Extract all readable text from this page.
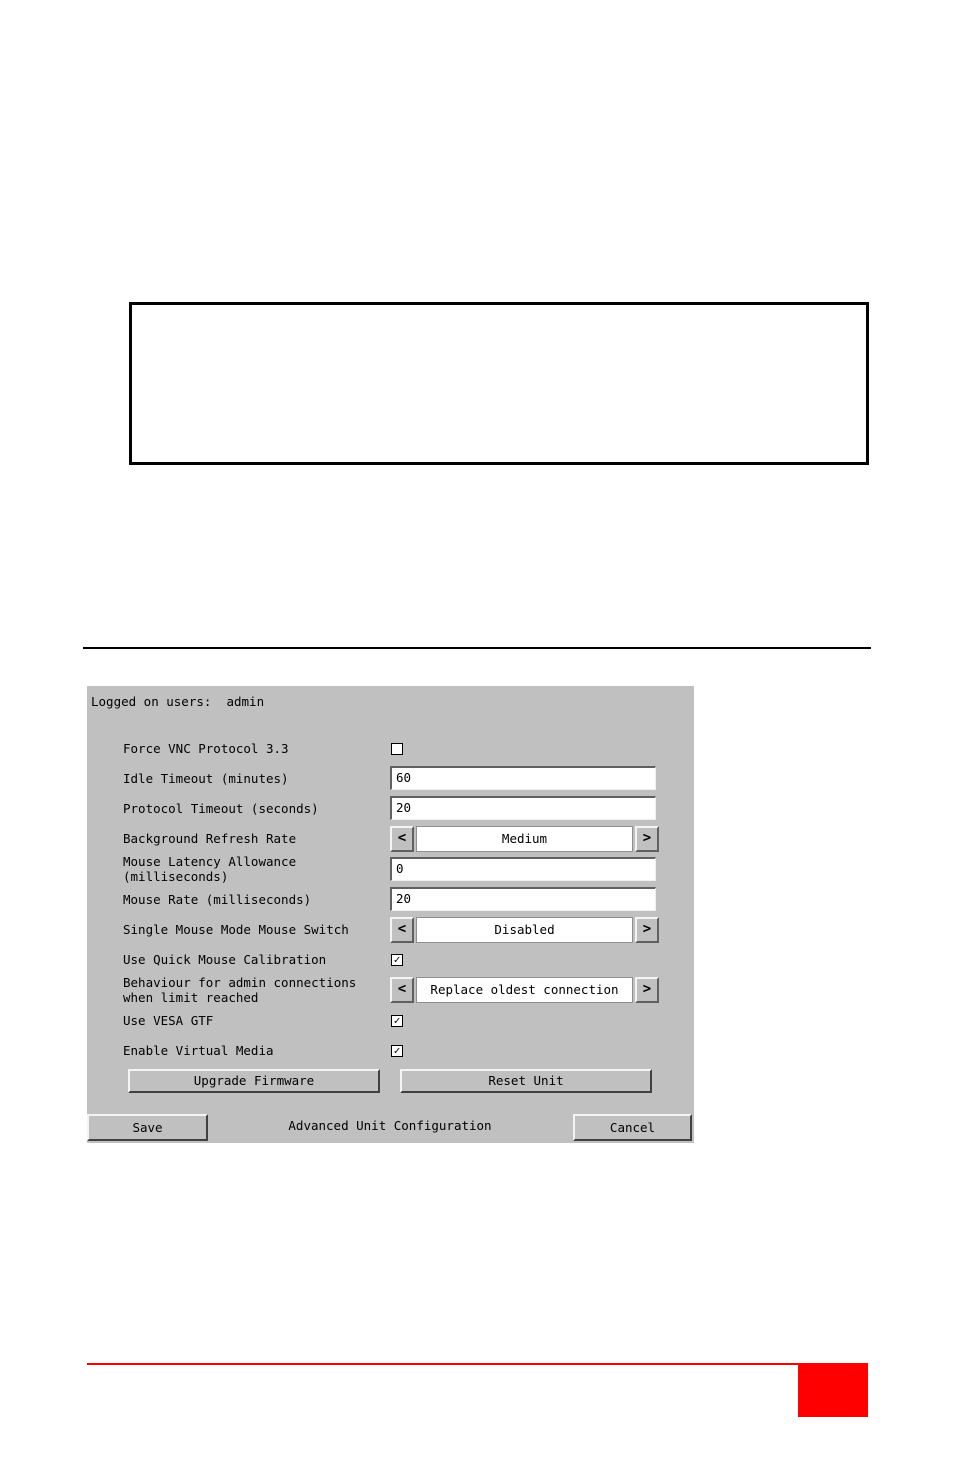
Logged on users:  admin
Force VNC Protocol 3.3
Idle Timeout (minutes)	60
Protocol Timeout (seconds)	20
Background Refresh Rate	<	Medium	>
Mouse Latency Allowance
(milliseconds)
0
Mouse Rate (milliseconds)	20
Single Mouse Mode Mouse Switch	<	Disabled	>
Use Quick Mouse Calibration	✓
Behaviour for admin connections
when limit reached
<	Replace oldest connection	>
Use VESA GTF	✓
Enable Virtual Media	✓
Upgrade Firmware	Reset Unit
Save	Advanced Unit Configuration	Cancel
